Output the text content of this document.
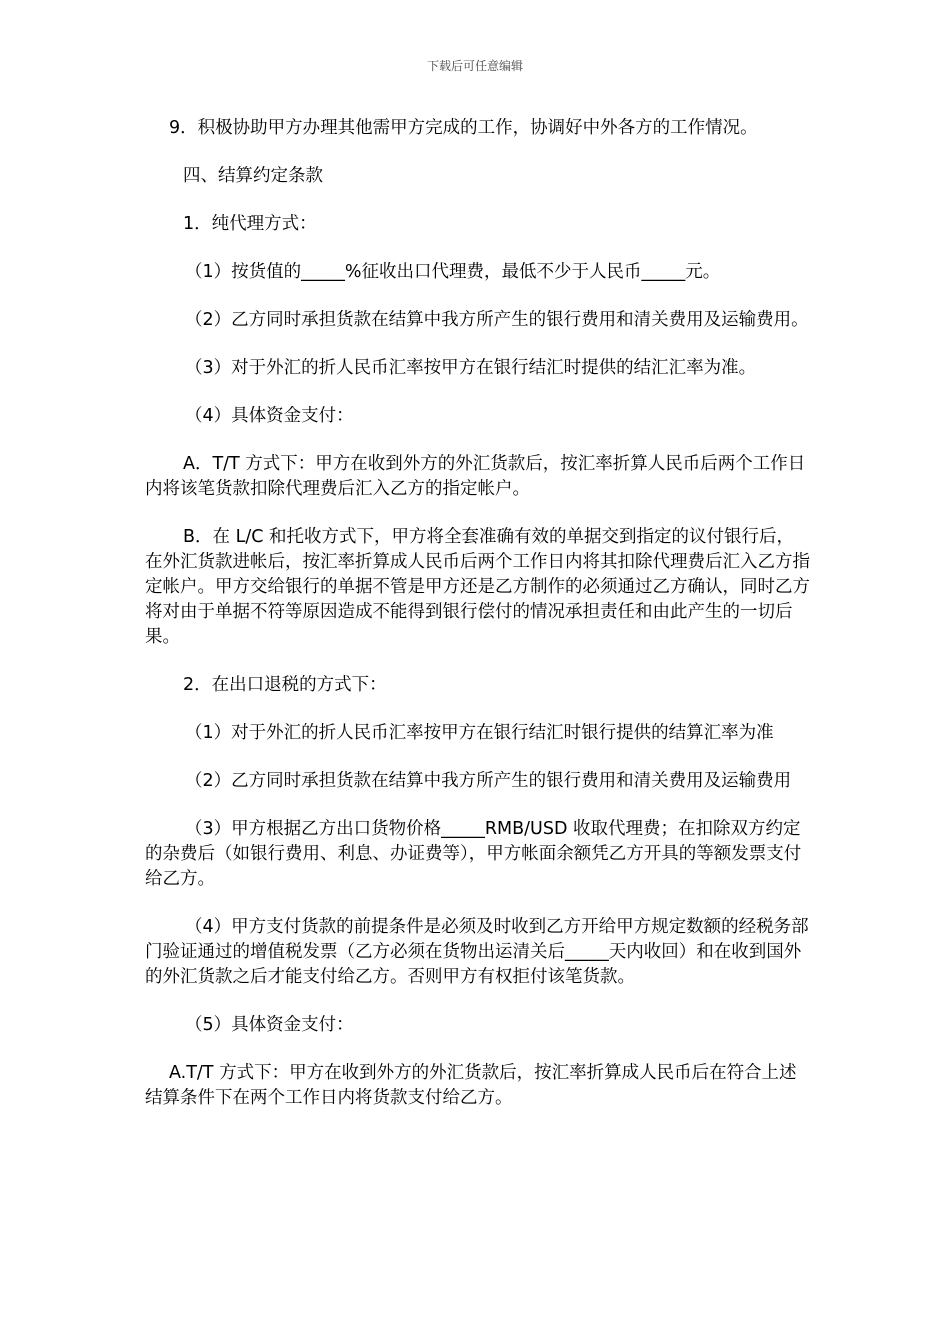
下载后可任意编辑

9．积极协助甲方办理其他需甲方完成的工作，协调好中外各方的工作情况。

四、结算约定条款

1．纯代理方式：

（1）按货值的_____%征收出口代理费，最低不少于人民币_____元。

（2）乙方同时承担货款在结算中我方所产生的银行费用和清关费用及运输费用。

（3）对于外汇的折人民币汇率按甲方在银行结汇时提供的结汇汇率为准。

（4）具体资金支付：

A．T/T 方式下：甲方在收到外方的外汇货款后，按汇率折算人民币后两个工作日内将该笔货款扣除代理费后汇入乙方的指定帐户。

B．在 L/C 和托收方式下，甲方将全套准确有效的单据交到指定的议付银行后，在外汇货款进帐后，按汇率折算成人民币后两个工作日内将其扣除代理费后汇入乙方指定帐户。甲方交给银行的单据不管是甲方还是乙方制作的必须通过乙方确认，同时乙方将对由于单据不符等原因造成不能得到银行偿付的情况承担责任和由此产生的一切后果。

2．在出口退税的方式下：

（1）对于外汇的折人民币汇率按甲方在银行结汇时银行提供的结算汇率为准

（2）乙方同时承担货款在结算中我方所产生的银行费用和清关费用及运输费用

（3）甲方根据乙方出口货物价格_____RMB/USD 收取代理费；在扣除双方约定的杂费后（如银行费用、利息、办证费等），甲方帐面余额凭乙方开具的等额发票支付给乙方。

（4）甲方支付货款的前提条件是必须及时收到乙方开给甲方规定数额的经税务部门验证通过的增值税发票（乙方必须在货物出运清关后_____天内收回）和在收到国外的外汇货款之后才能支付给乙方。否则甲方有权拒付该笔货款。

（5）具体资金支付：

A.T/T 方式下：甲方在收到外方的外汇货款后，按汇率折算成人民币后在符合上述结算条件下在两个工作日内将货款支付给乙方。
